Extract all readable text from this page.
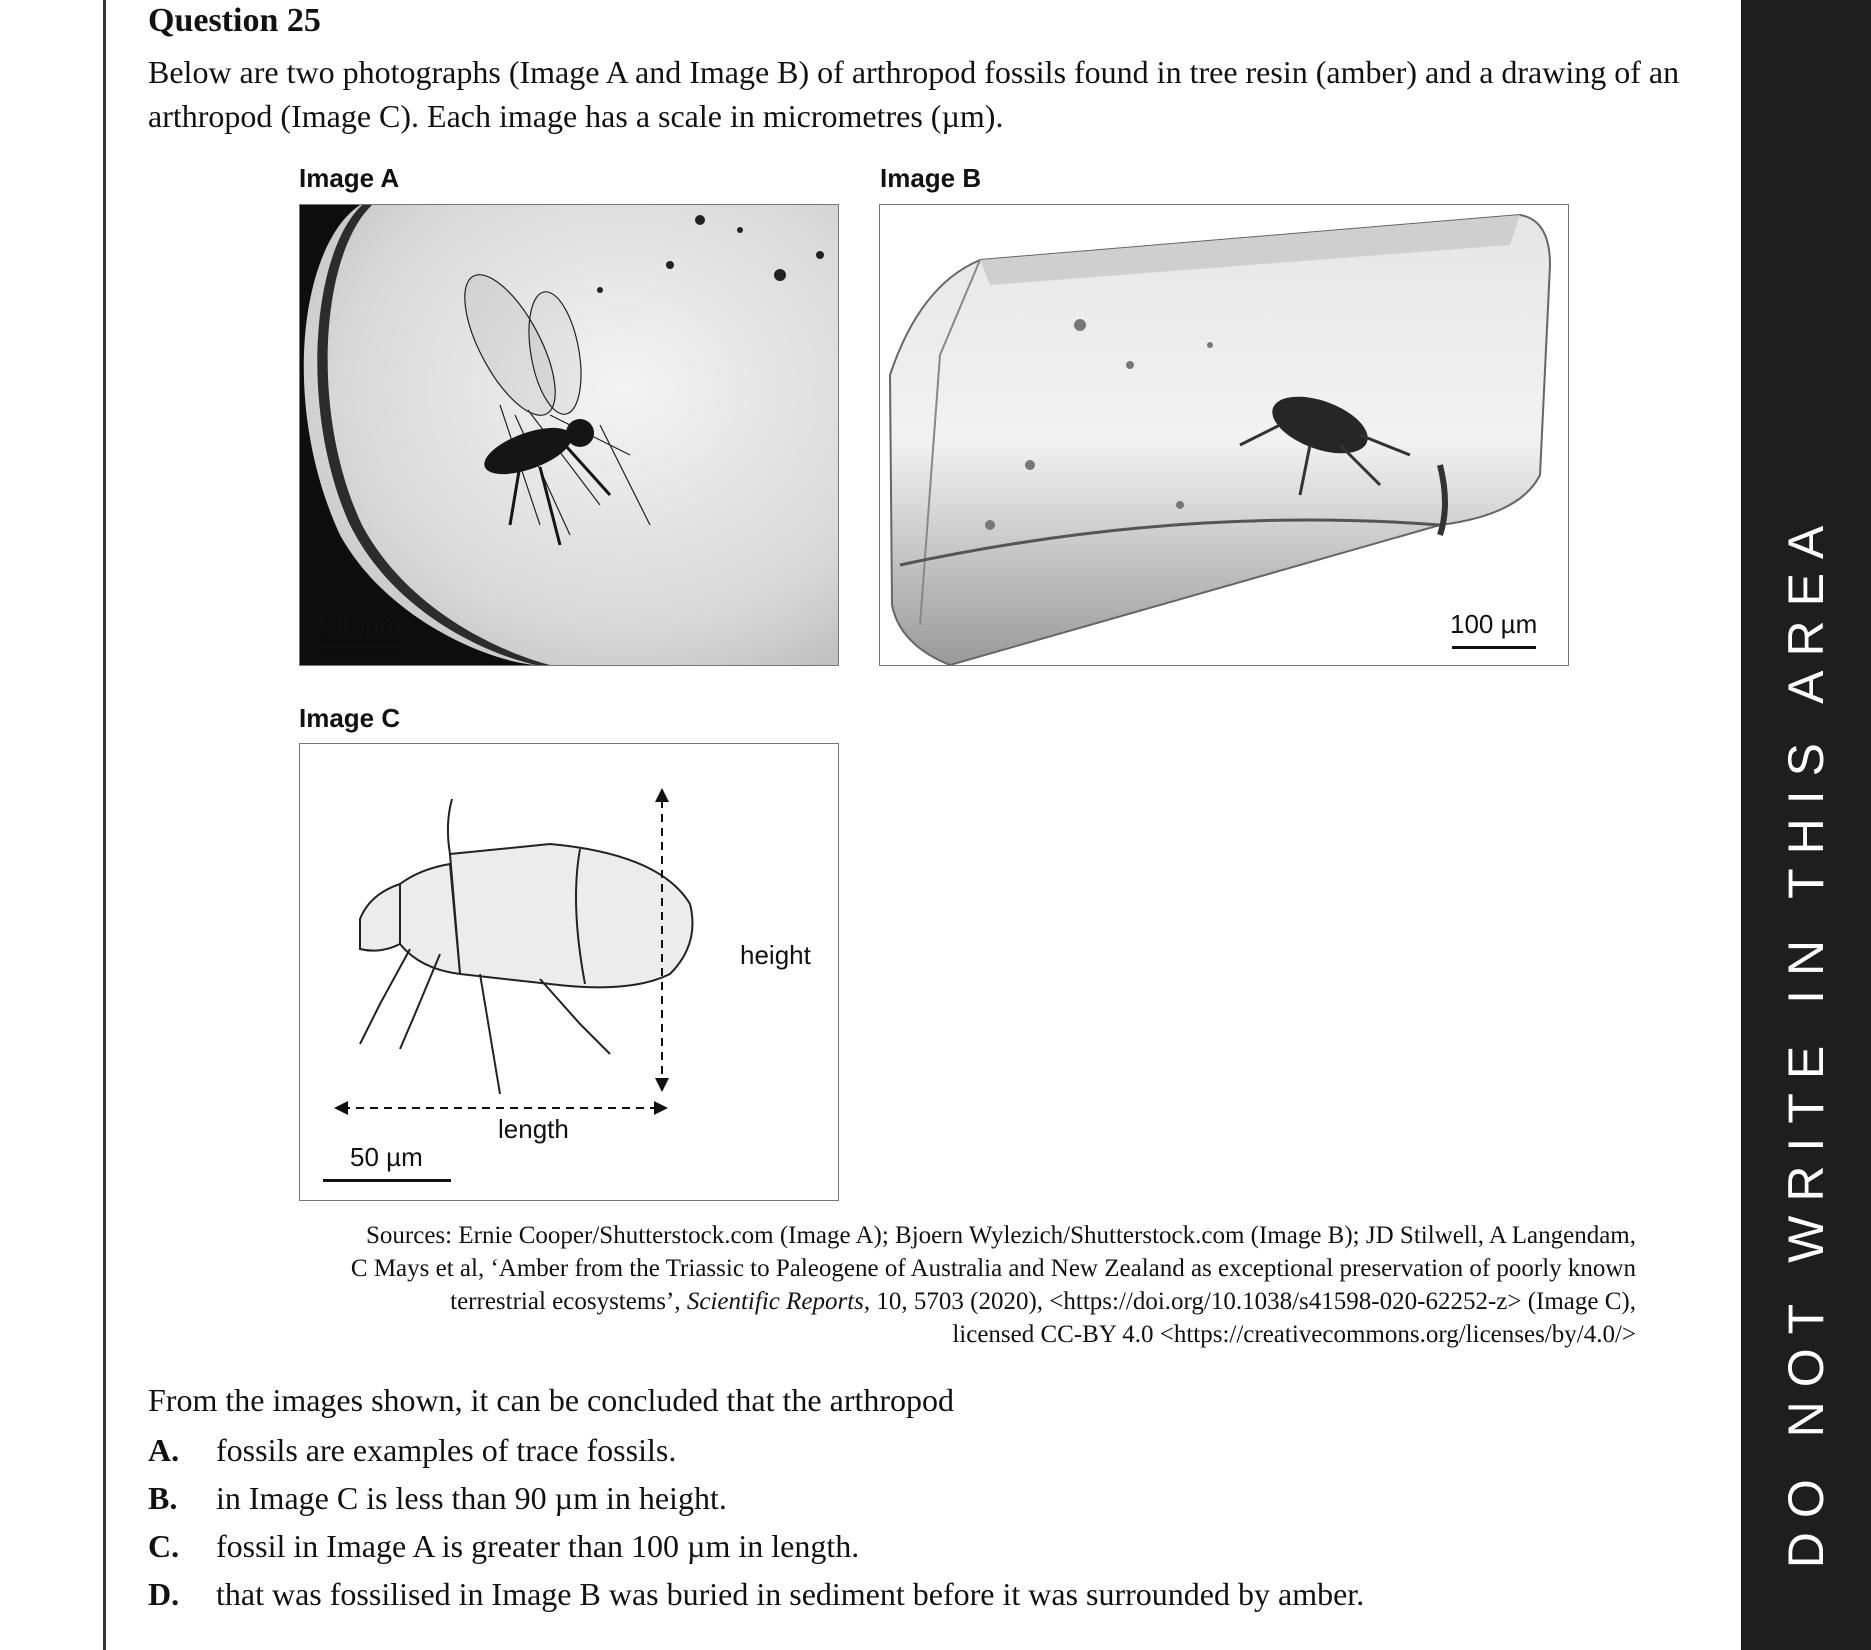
Question 25

Below are two photographs (Image A and Image B) of arthropod fossils found in tree resin (amber) and a drawing of an arthropod (Image C). Each image has a scale in micrometres (µm).

Image A
100 µm
Image B
100 µm
Image C
height
length
50 µm

Sources: Ernie Cooper/Shutterstock.com (Image A); Bjoern Wylezich/Shutterstock.com (Image B); JD Stilwell, A Langendam,
C Mays et al, ‘Amber from the Triassic to Paleogene of Australia and New Zealand as exceptional preservation of poorly known
terrestrial ecosystems’, Scientific Reports, 10, 5703 (2020), <https://doi.org/10.1038/s41598-020-62252-z> (Image C),
licensed CC-BY 4.0 <https://creativecommons.org/licenses/by/4.0/>

From the images shown, it can be concluded that the arthropod

A. fossils are examples of trace fossils.
B. in Image C is less than 90 µm in height.
C. fossil in Image A is greater than 100 µm in length.
D. that was fossilised in Image B was buried in sediment before it was surrounded by amber.
DO NOT WRITE IN THIS AREA
